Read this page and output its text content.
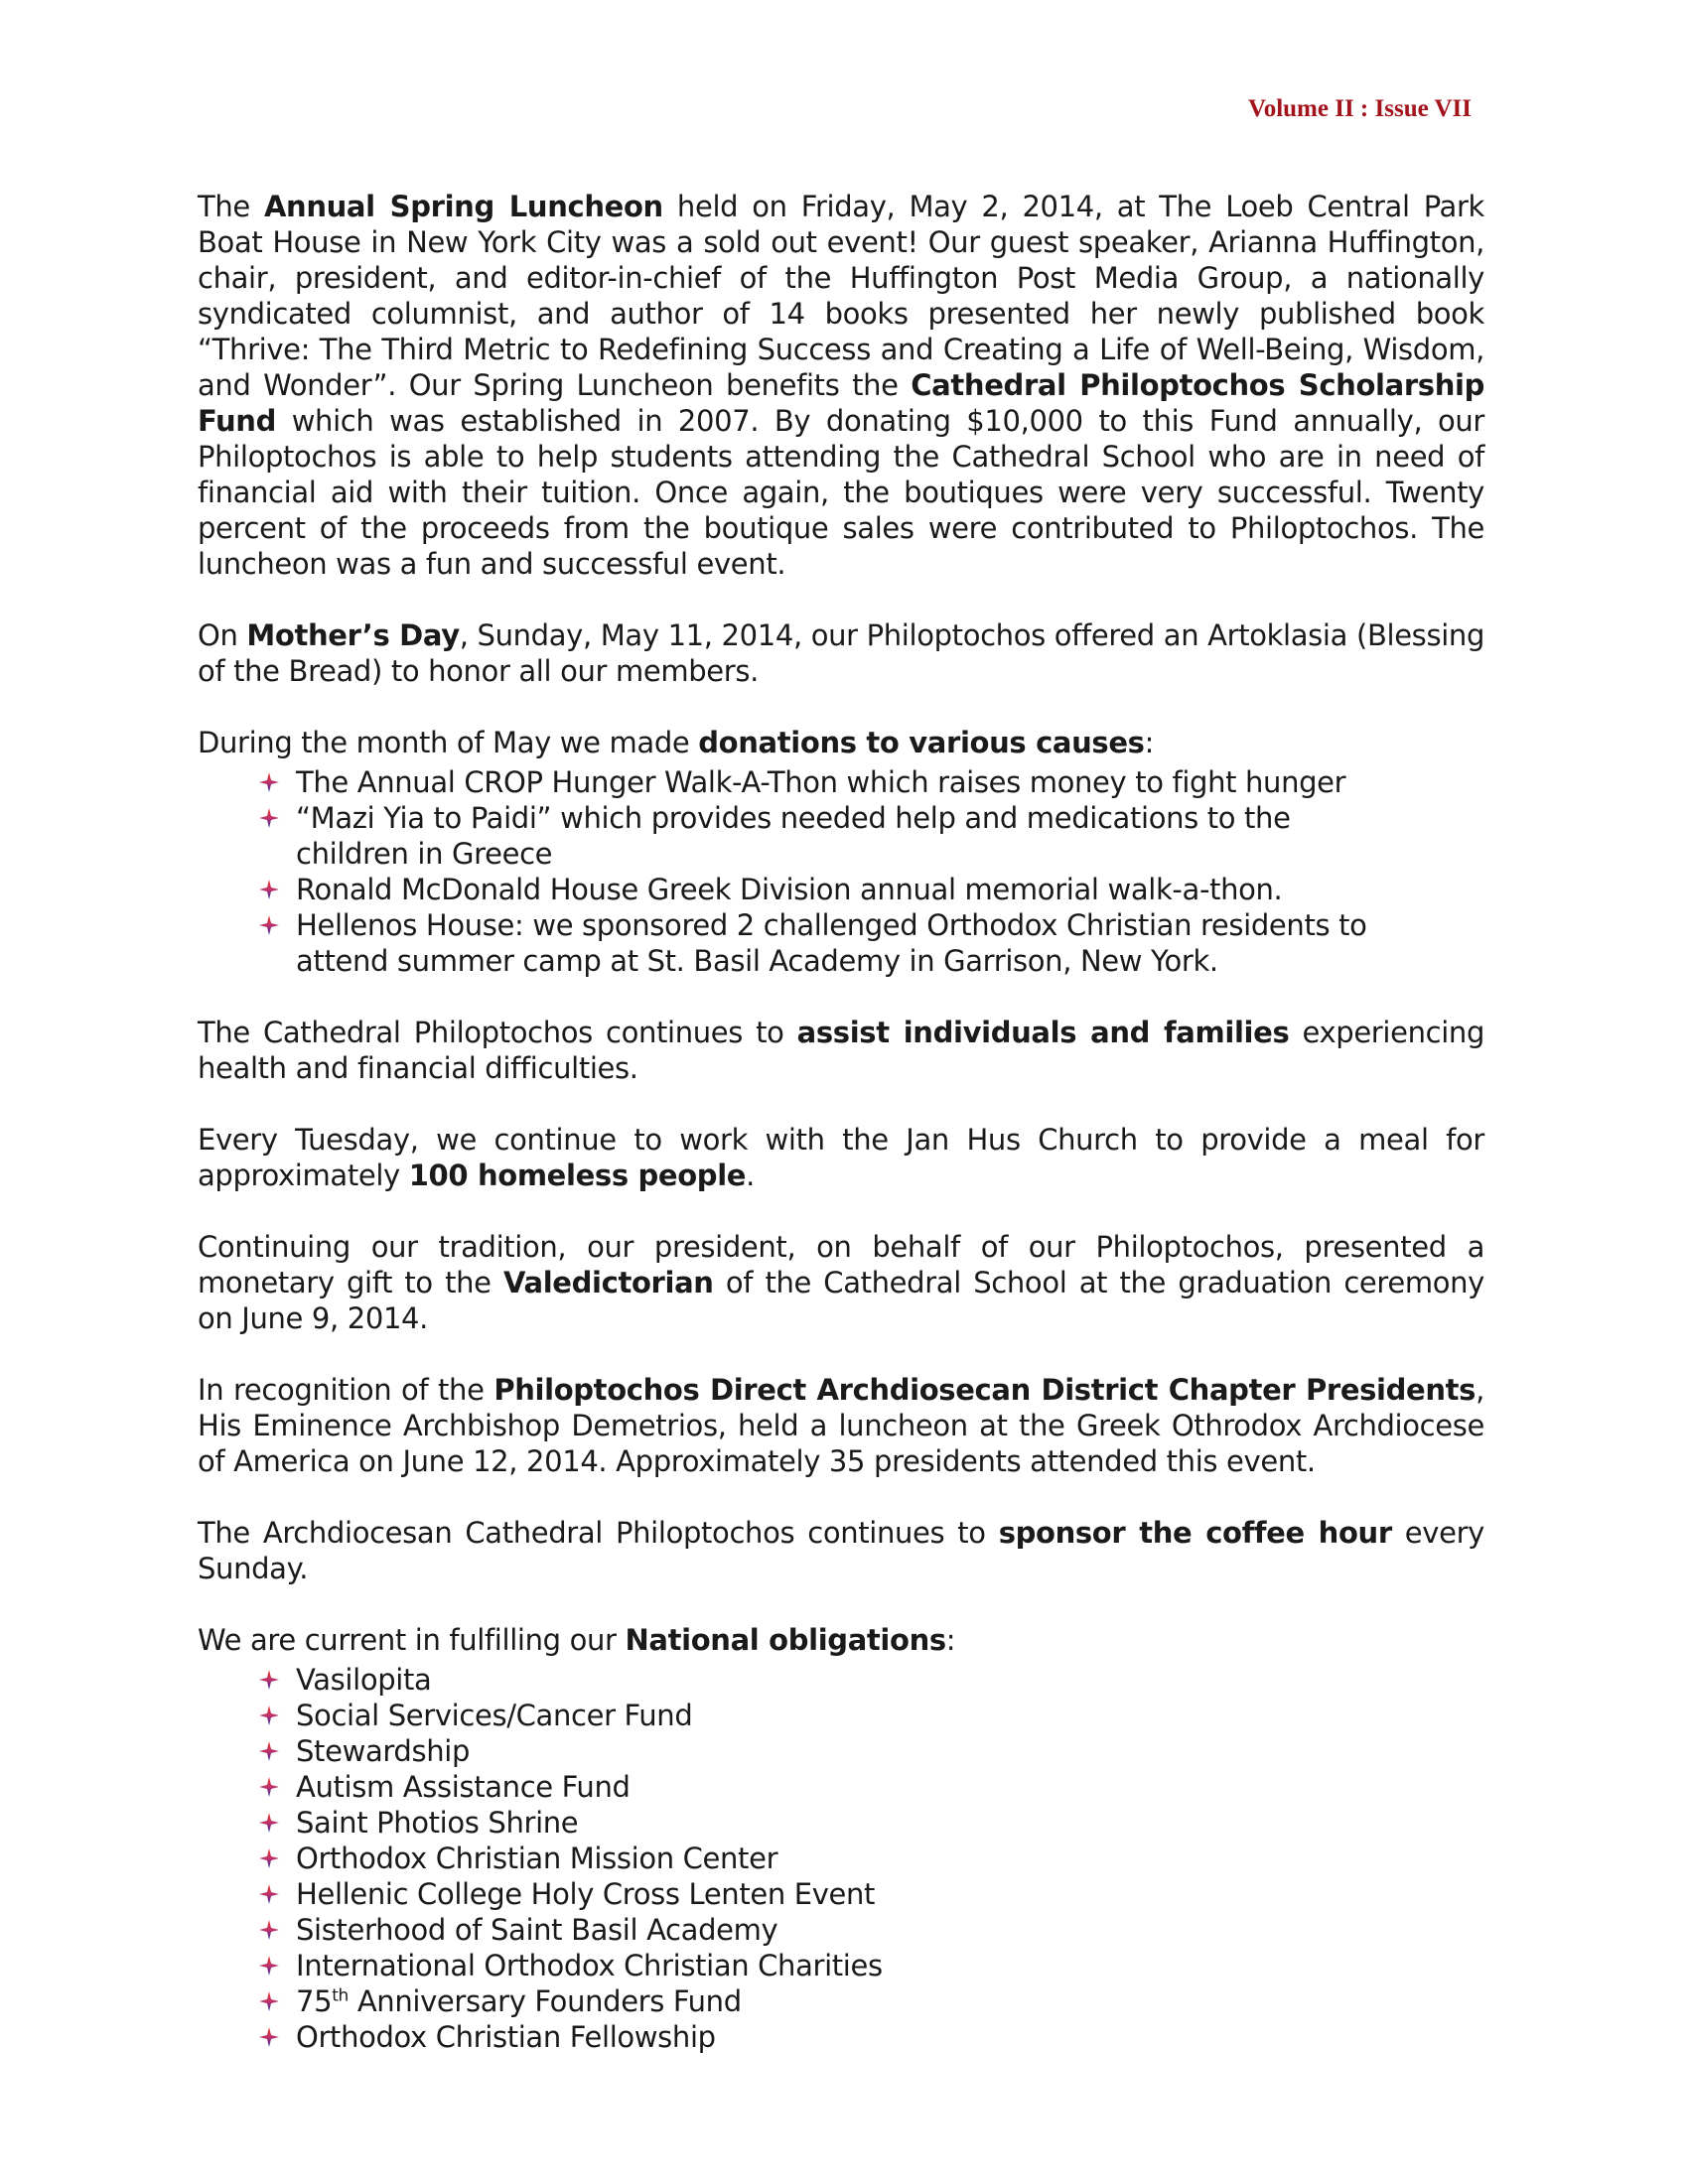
Volume II : Issue VII

The Annual Spring Luncheon held on Friday, May 2, 2014, at The Loeb Central Park Boat House in New York City was a sold out event! Our guest speaker, Arianna Huffington, chair, president, and editor-in-chief of the Huffington Post Media Group, a nationally syndicated columnist, and author of 14 books presented her newly published book “Thrive: The Third Metric to Redefining Success and Creating a Life of Well-Being, Wisdom, and Wonder”. Our Spring Luncheon benefits the Cathedral Philoptochos Scholarship Fund which was established in 2007. By donating $10,000 to this Fund annually, our Philoptochos is able to help students attending the Cathedral School who are in need of financial aid with their tuition. Once again, the boutiques were very successful. Twenty percent of the proceeds from the boutique sales were contributed to Philoptochos. The luncheon was a fun and successful event.

On Mother’s Day, Sunday, May 11, 2014, our Philoptochos offered an Artoklasia (Blessing of the Bread) to honor all our members.

During the month of May we made donations to various causes:

The Annual CROP Hunger Walk-A-Thon which raises money to fight hunger
“Mazi Yia to Paidi” which provides needed help and medications to the children in Greece
Ronald McDonald House Greek Division annual memorial walk-a-thon.
Hellenos House: we sponsored 2 challenged Orthodox Christian residents to attend summer camp at St. Basil Academy in Garrison, New York.

The Cathedral Philoptochos continues to assist individuals and families experiencing health and financial difficulties.

Every Tuesday, we continue to work with the Jan Hus Church to provide a meal for approximately 100 homeless people.

Continuing our tradition, our president, on behalf of our Philoptochos, presented a monetary gift to the Valedictorian of the Cathedral School at the graduation ceremony on June 9, 2014.

In recognition of the Philoptochos Direct Archdiosecan District Chapter Presidents, His Eminence Archbishop Demetrios, held a luncheon at the Greek Othrodox Archdiocese of America on June 12, 2014. Approximately 35 presidents attended this event.

The Archdiocesan Cathedral Philoptochos continues to sponsor the coffee hour every Sunday.

We are current in fulfilling our National obligations:

Vasilopita
Social Services/Cancer Fund
Stewardship
Autism Assistance Fund
Saint Photios Shrine
Orthodox Christian Mission Center
Hellenic College Holy Cross Lenten Event
Sisterhood of Saint Basil Academy
International Orthodox Christian Charities
75th Anniversary Founders Fund
Orthodox Christian Fellowship
